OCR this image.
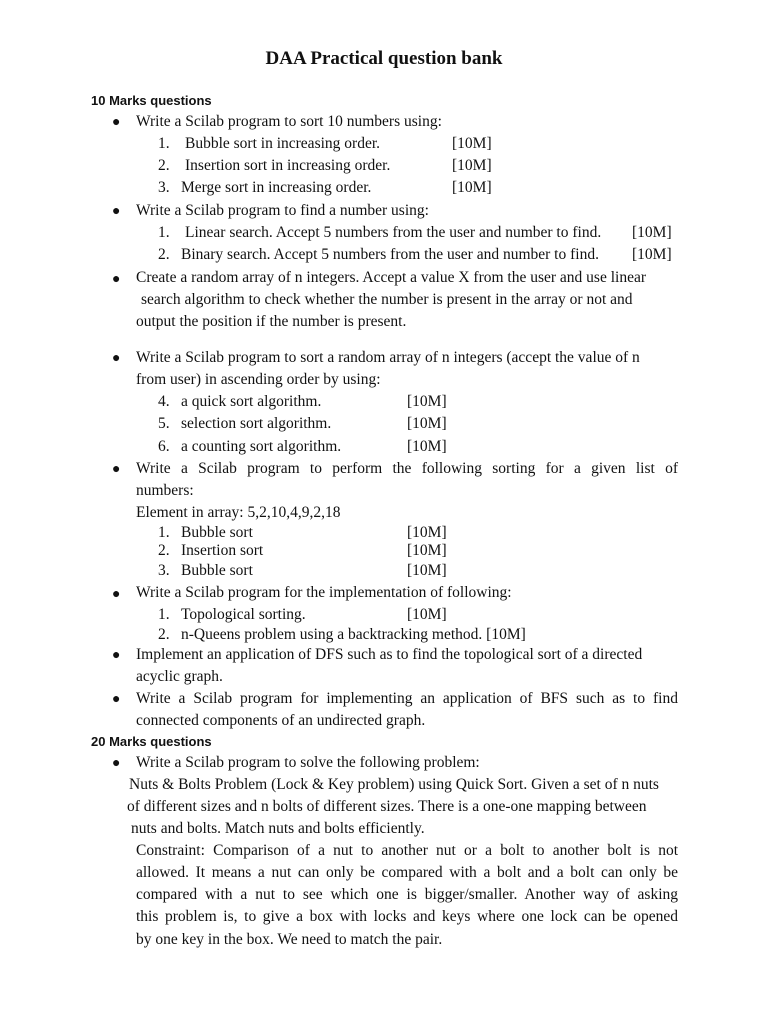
DAA Practical question bank
10 Marks questions
● Write a Scilab program to sort 10 numbers using:
1. Bubble sort in increasing order.	[10M]
2. Insertion sort in increasing order.	[10M]
3. Merge sort in increasing order.	[10M]
● Write a Scilab program to find a number using:
1. Linear search. Accept 5 numbers from the user and number to find. [10M]
2. Binary search. Accept 5 numbers from the user and number to find. [10M]
● Create a random array of n integers. Accept a value X from the user and use linear
search algorithm to check whether the number is present in the array or not and
output the position if the number is present.
● Write a Scilab program to sort a random array of n integers (accept the value of n
from user) in ascending order by using:
4. a quick sort algorithm.	[10M]
5. selection sort algorithm.	[10M]
6. a counting sort algorithm.	[10M]
● Write a Scilab program to perform the following sorting for a given list of
numbers:
Element in array: 5,2,10,4,9,2,18
1. Bubble sort	[10M]
2. Insertion sort	[10M]
3. Bubble sort	[10M]
● Write a Scilab program for the implementation of following:
1. Topological sorting.	[10M]
2. n-Queens problem using a backtracking method. [10M]
● Implement an application of DFS such as to find the topological sort of a directed
acyclic graph.
● Write a Scilab program for implementing an application of BFS such as to find
connected components of an undirected graph.
20 Marks questions
● Write a Scilab program to solve the following problem:
Nuts & Bolts Problem (Lock & Key problem) using Quick Sort. Given a set of n nuts
of different sizes and n bolts of different sizes. There is a one-one mapping between
nuts and bolts. Match nuts and bolts efficiently.
Constraint: Comparison of a nut to another nut or a bolt to another bolt is not
allowed. It means a nut can only be compared with a bolt and a bolt can only be
compared with a nut to see which one is bigger/smaller. Another way of asking
this problem is, to give a box with locks and keys where one lock can be opened
by one key in the box. We need to match the pair.
